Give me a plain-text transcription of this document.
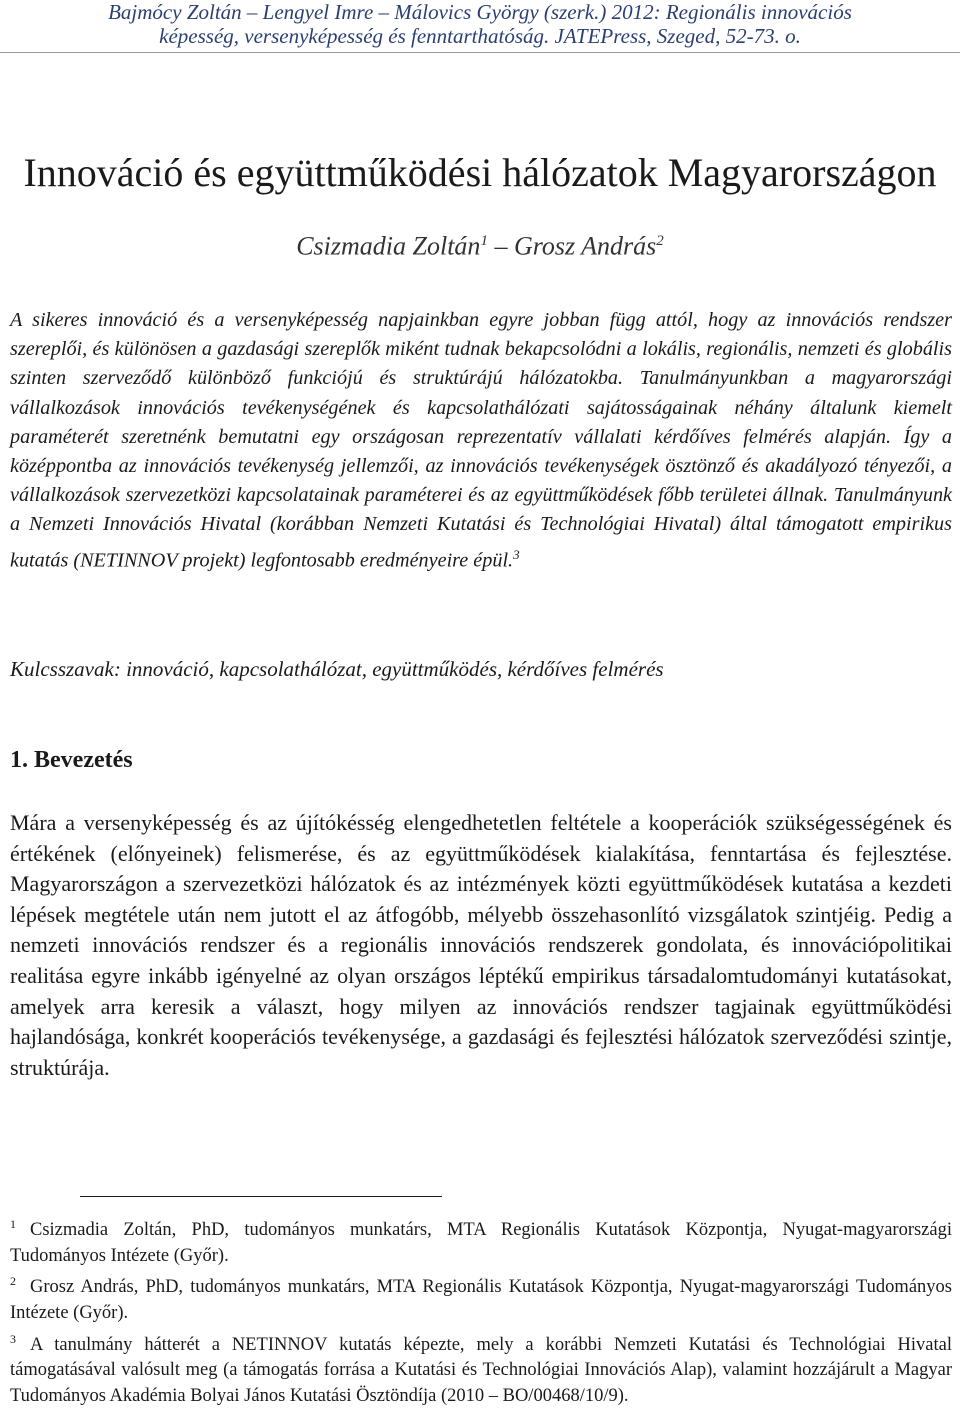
Bajmócy Zoltán – Lengyel Imre – Málovics György (szerk.) 2012: Regionális innovációs
képesség, versenyképesség és fenntarthatóság. JATEPress, Szeged, 52-73. o.
Innováció és együttműködési hálózatok Magyarországon
Csizmadia Zoltán$^1$ – Grosz András$^2$
A sikeres innováció és a versenyképesség napjainkban egyre jobban függ attól, hogy az innovációs rendszer szereplői, és különösen a gazdasági szereplők miként tudnak bekapcsolódni a lokális, regionális, nemzeti és globális szinten szerveződő különböző funkciójú és struktúrájú hálózatokba. Tanulmányunkban a magyarországi vállalkozások innovációs tevékenységének és kapcsolathálózati sajátosságainak néhány általunk kiemelt paraméterét szeretnénk bemutatni egy országosan reprezentatív vállalati kérdőíves felmérés alapján. Így a középpontba az innovációs tevékenység jellemzői, az innovációs tevékenységek ösztönző és akadályozó tényezői, a vállalkozások szervezetközi kapcsolatainak paraméterei és az együttműködések főbb területei állnak. Tanulmányunk a Nemzeti Innovációs Hivatal (korábban Nemzeti Kutatási és Technológiai Hivatal) által támogatott empirikus kutatás (NETINNOV projekt) legfontosabb eredményeire épül.$^3$
Kulcsszavak: innováció, kapcsolathálózat, együttműködés, kérdőíves felmérés
1. Bevezetés
Mára a versenyképesség és az újítókésség elengedhetetlen feltétele a kooperációk szükségességének és értékének (előnyeinek) felismerése, és az együttműködések kialakítása, fenntartása és fejlesztése. Magyarországon a szervezetközi hálózatok és az intézmények közti együttműködések kutatása a kezdeti lépések megtétele után nem jutott el az átfogóbb, mélyebb összehasonlító vizsgálatok szintjéig. Pedig a nemzeti innovációs rendszer és a regionális innovációs rendszerek gondolata, és innovációpolitikai realitása egyre inkább igényelné az olyan országos léptékű empirikus társadalomtudományi kutatásokat, amelyek arra keresik a választ, hogy milyen az innovációs rendszer tagjainak együttműködési hajlandósága, konkrét kooperációs tevékenysége, a gazdasági és fejlesztési hálózatok szerveződési szintje, struktúrája.

$^1$ Csizmadia Zoltán, PhD, tudományos munkatárs, MTA Regionális Kutatások Központja, Nyugat-magyarországi Tudományos Intézete (Győr).

$^2$ Grosz András, PhD, tudományos munkatárs, MTA Regionális Kutatások Központja, Nyugat-magyarországi Tudományos Intézete (Győr).

$^3$ A tanulmány hátterét a NETINNOV kutatás képezte, mely a korábbi Nemzeti Kutatási és Technológiai Hivatal támogatásával valósult meg (a támogatás forrása a Kutatási és Technológiai Innovációs Alap), valamint hozzájárult a Magyar Tudományos Akadémia Bolyai János Kutatási Ösztöndíja (2010 – BO/00468/10/9).
